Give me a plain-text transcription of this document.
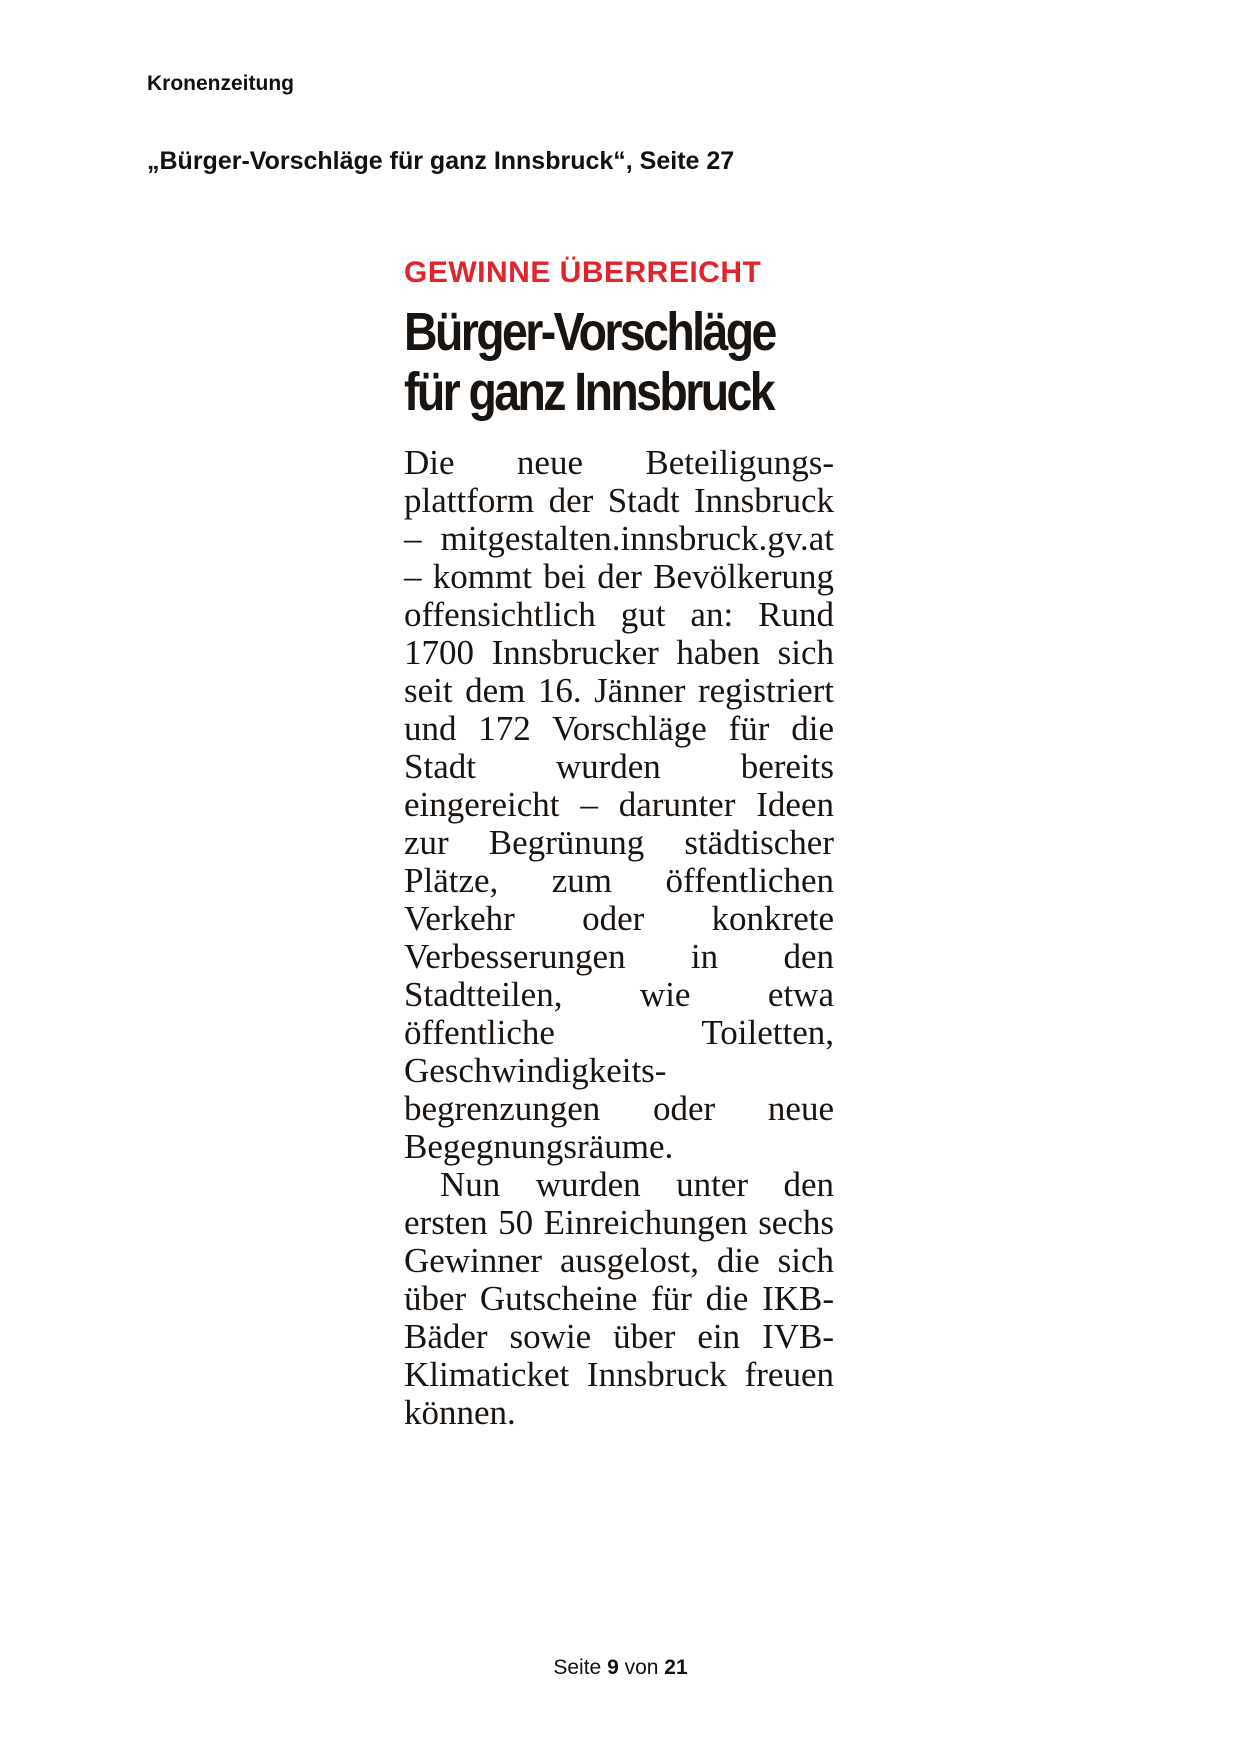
Kronenzeitung
„Bürger-Vorschläge für ganz Innsbruck“, Seite 27
GEWINNE ÜBERREICHT
Bürger-Vorschläge
für ganz Innsbruck

Die neue Beteiligungsplattform der Stadt Innsbruck – mitgestalten.innsbruck.gv.at – kommt bei der Bevölkerung offensichtlich gut an: Rund 1700 Innsbrucker haben sich seit dem 16. Jänner registriert und 172 Vorschläge für die Stadt wurden bereits eingereicht – darunter Ideen zur Begrünung städtischer Plätze, zum öffentlichen Verkehr oder konkrete Verbesserungen in den Stadtteilen, wie etwa öffentliche Toiletten, Geschwindigkeitsbegrenzungen oder neue Begegnungsräume.

Nun wurden unter den ersten 50 Einreichungen sechs Gewinner ausgelost, die sich über Gutscheine für die IKB-Bäder sowie über ein IVB-Klimaticket Innsbruck freuen können.

Seite 9 von 21
